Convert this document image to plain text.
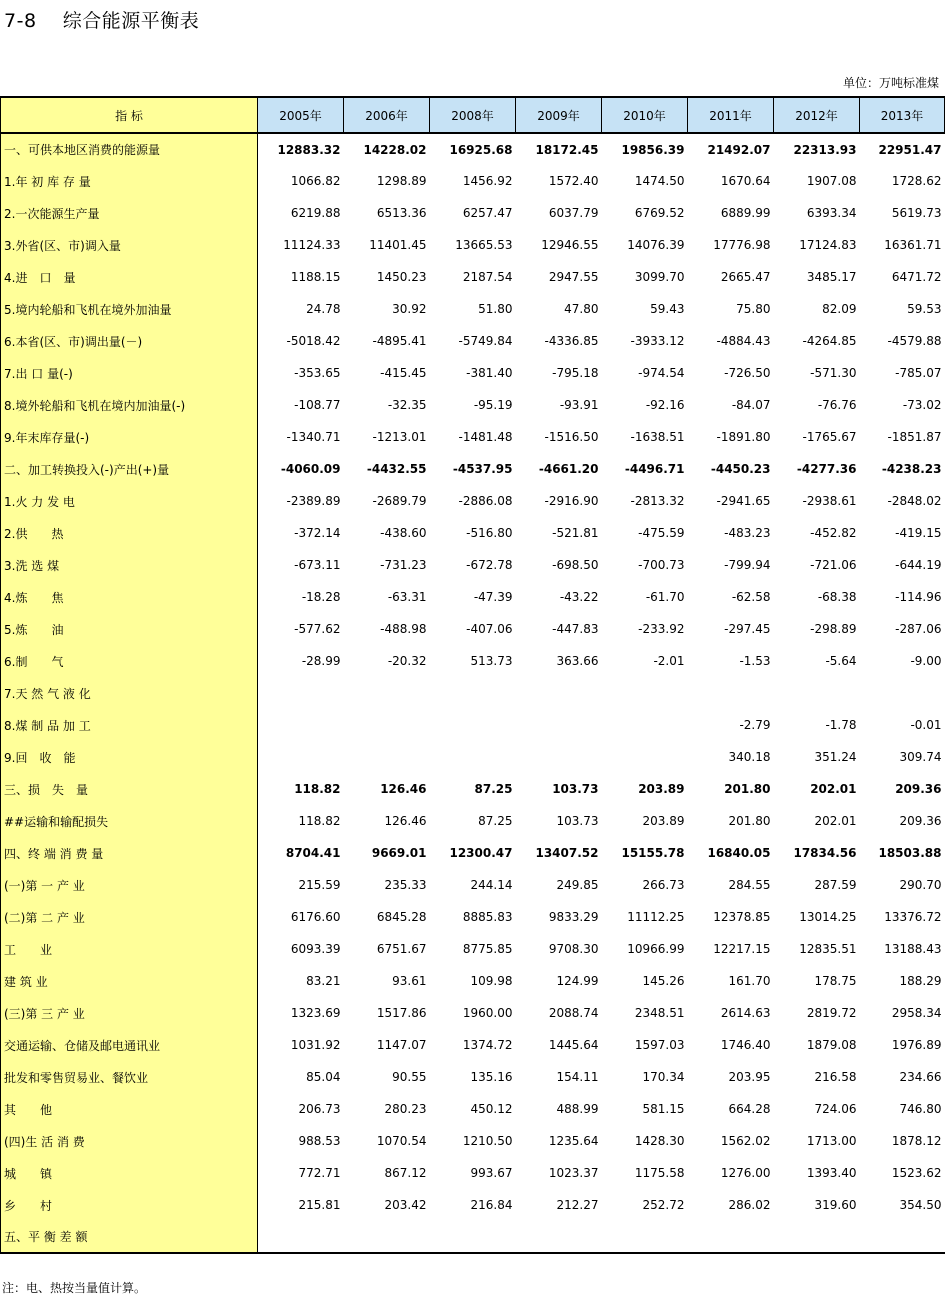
7-8    综合能源平衡表
单位：万吨标准煤
指 标	2005年	2006年	2008年	2009年	2010年	2011年	2012年	2013年
一、可供本地区消费的能源量	12883.32	14228.02	16925.68	18172.45	19856.39	21492.07	22313.93	22951.47
1.年 初 库 存 量	1066.82	1298.89	1456.92	1572.40	1474.50	1670.64	1907.08	1728.62
2.一次能源生产量	6219.88	6513.36	6257.47	6037.79	6769.52	6889.99	6393.34	5619.73
3.外省(区、市)调入量	11124.33	11401.45	13665.53	12946.55	14076.39	17776.98	17124.83	16361.71
4.进　口　量	1188.15	1450.23	2187.54	2947.55	3099.70	2665.47	3485.17	6471.72
5.境内轮船和飞机在境外加油量	24.78	30.92	51.80	47.80	59.43	75.80	82.09	59.53
6.本省(区、市)调出量(－)	-5018.42	-4895.41	-5749.84	-4336.85	-3933.12	-4884.43	-4264.85	-4579.88
7.出 口 量(-)	-353.65	-415.45	-381.40	-795.18	-974.54	-726.50	-571.30	-785.07
8.境外轮船和飞机在境内加油量(-)	-108.77	-32.35	-95.19	-93.91	-92.16	-84.07	-76.76	-73.02
9.年末库存量(-)	-1340.71	-1213.01	-1481.48	-1516.50	-1638.51	-1891.80	-1765.67	-1851.87
二、加工转换投入(-)产出(+)量	-4060.09	-4432.55	-4537.95	-4661.20	-4496.71	-4450.23	-4277.36	-4238.23
1.火 力 发 电	-2389.89	-2689.79	-2886.08	-2916.90	-2813.32	-2941.65	-2938.61	-2848.02
2.供　　热	-372.14	-438.60	-516.80	-521.81	-475.59	-483.23	-452.82	-419.15
3.洗 选 煤	-673.11	-731.23	-672.78	-698.50	-700.73	-799.94	-721.06	-644.19
4.炼　　焦	-18.28	-63.31	-47.39	-43.22	-61.70	-62.58	-68.38	-114.96
5.炼　　油	-577.62	-488.98	-407.06	-447.83	-233.92	-297.45	-298.89	-287.06
6.制　　气	-28.99	-20.32	513.73	363.66	-2.01	-1.53	-5.64	-9.00
7.天 然 气 液 化								
8.煤 制 品 加 工						-2.79	-1.78	-0.01
9.回　收　能						340.18	351.24	309.74
三、损　失　量	118.82	126.46	87.25	103.73	203.89	201.80	202.01	209.36
##运输和输配损失	118.82	126.46	87.25	103.73	203.89	201.80	202.01	209.36
四、终 端 消 费 量	8704.41	9669.01	12300.47	13407.52	15155.78	16840.05	17834.56	18503.88
(一)第 一 产 业	215.59	235.33	244.14	249.85	266.73	284.55	287.59	290.70
(二)第 二 产 业	6176.60	6845.28	8885.83	9833.29	11112.25	12378.85	13014.25	13376.72
工　　业	6093.39	6751.67	8775.85	9708.30	10966.99	12217.15	12835.51	13188.43
建 筑 业	83.21	93.61	109.98	124.99	145.26	161.70	178.75	188.29
(三)第 三 产 业	1323.69	1517.86	1960.00	2088.74	2348.51	2614.63	2819.72	2958.34
交通运输、仓储及邮电通讯业	1031.92	1147.07	1374.72	1445.64	1597.03	1746.40	1879.08	1976.89
批发和零售贸易业、餐饮业	85.04	90.55	135.16	154.11	170.34	203.95	216.58	234.66
其　　他	206.73	280.23	450.12	488.99	581.15	664.28	724.06	746.80
(四)生 活 消 费	988.53	1070.54	1210.50	1235.64	1428.30	1562.02	1713.00	1878.12
城　　镇	772.71	867.12	993.67	1023.37	1175.58	1276.00	1393.40	1523.62
乡　　村	215.81	203.42	216.84	212.27	252.72	286.02	319.60	354.50
五、平 衡 差 额								
注：电、热按当量值计算。
